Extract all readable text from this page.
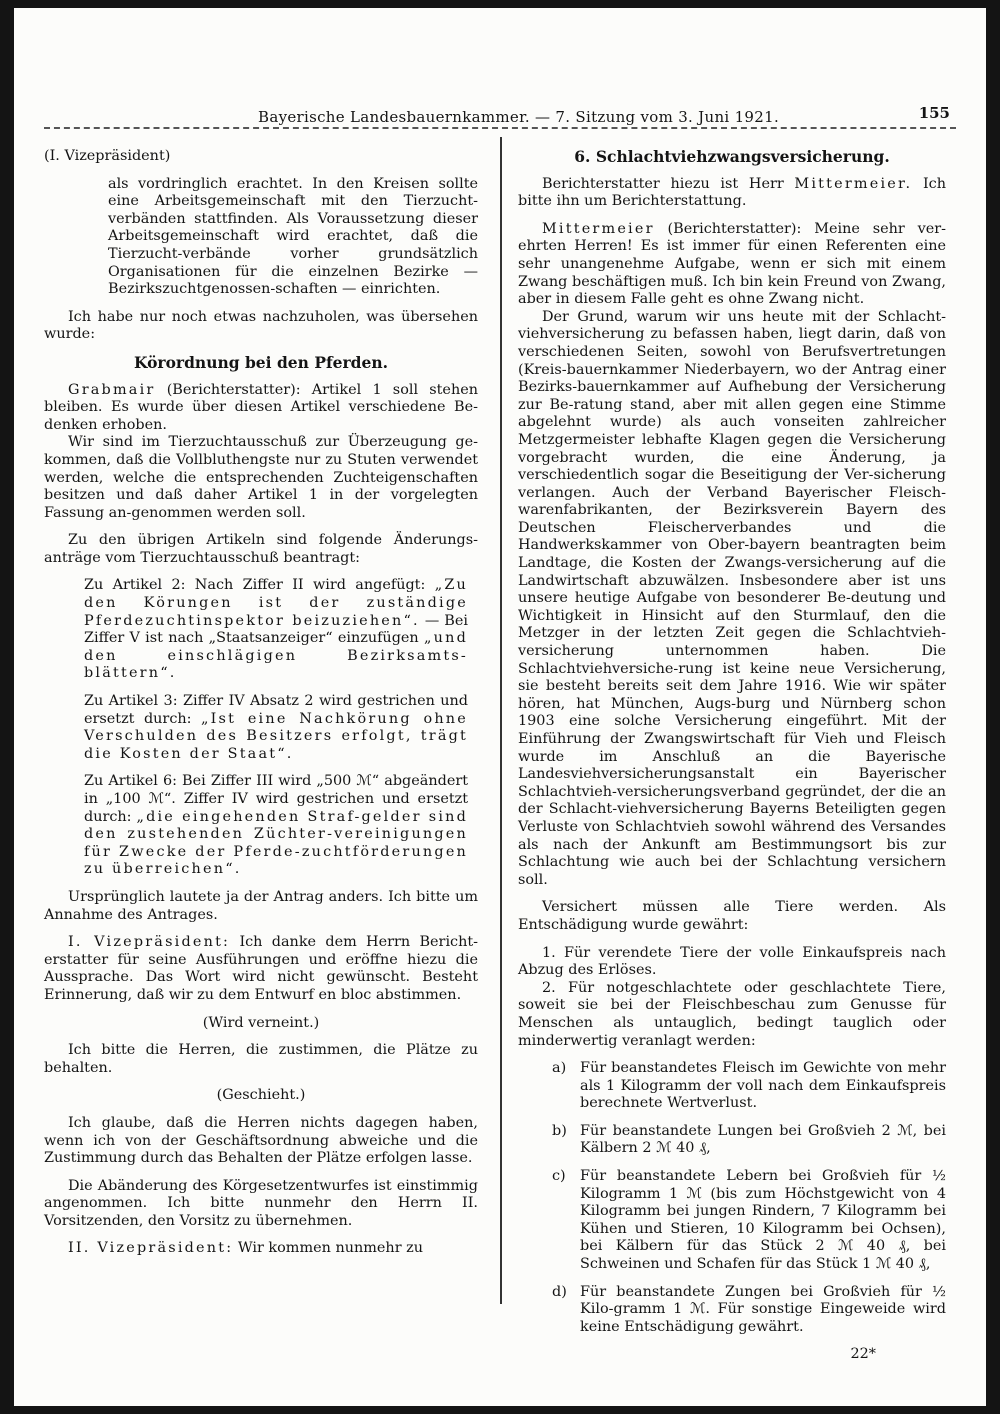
Bayerische Landesbauernkammer. — 7. Sitzung vom 3. Juni 1921.	155

(I. Vizepräsident)

als vordringlich erachtet. In den Kreisen sollte eine Arbeitsgemeinschaft mit den Tierzucht-verbänden stattfinden. Als Voraussetzung dieser Arbeitsgemeinschaft wird erachtet, daß die Tierzucht-verbände vorher grundsätzlich Organisationen für die einzelnen Bezirke — Bezirkszuchtgenossen-schaften — einrichten.

Ich habe nur noch etwas nachzuholen, was übersehen wurde:

Körordnung bei den Pferden.

Grabmair (Berichterstatter): Artikel 1 soll stehen bleiben. Es wurde über diesen Artikel verschiedene Be-denken erhoben.

Wir sind im Tierzuchtausschuß zur Überzeugung ge-kommen, daß die Vollbluthengste nur zu Stuten verwendet werden, welche die entsprechenden Zuchteigenschaften besitzen und daß daher Artikel 1 in der vorgelegten Fassung an-genommen werden soll.

Zu den übrigen Artikeln sind folgende Änderungs-anträge vom Tierzuchtausschuß beantragt:

Zu Artikel 2: Nach Ziffer II wird angefügt: „Zu den Körungen ist der zuständige Pferdezuchtinspektor beizuziehen“. — Bei Ziffer V ist nach „Staatsanzeiger“ einzufügen „und den einschlägigen Bezirksamts-blättern“.

Zu Artikel 3: Ziffer IV Absatz 2 wird gestrichen und ersetzt durch: „Ist eine Nachkörung ohne Verschulden des Besitzers erfolgt, trägt die Kosten der Staat“.

Zu Artikel 6: Bei Ziffer III wird „500 ℳ“ abgeändert in „100 ℳ“. Ziffer IV wird gestrichen und ersetzt durch: „die eingehenden Straf-gelder sind den zustehenden Züchter-vereinigungen für Zwecke der Pferde-zuchtförderungen zu überreichen“.

Ursprünglich lautete ja der Antrag anders. Ich bitte um Annahme des Antrages.

I. Vizepräsident: Ich danke dem Herrn Bericht-erstatter für seine Ausführungen und eröffne hiezu die Aussprache. Das Wort wird nicht gewünscht. Besteht Erinnerung, daß wir zu dem Entwurf en bloc abstimmen.

(Wird verneint.)

Ich bitte die Herren, die zustimmen, die Plätze zu behalten.

(Geschieht.)

Ich glaube, daß die Herren nichts dagegen haben, wenn ich von der Geschäftsordnung abweiche und die Zustimmung durch das Behalten der Plätze erfolgen lasse.

Die Abänderung des Körgesetzentwurfes ist einstimmig angenommen. Ich bitte nunmehr den Herrn II. Vorsitzenden, den Vorsitz zu übernehmen.

II. Vizepräsident: Wir kommen nunmehr zu

6. Schlachtviehzwangsversicherung.

Berichterstatter hiezu ist Herr Mittermeier. Ich bitte ihn um Berichterstattung.

Mittermeier (Berichterstatter): Meine sehr ver-ehrten Herren! Es ist immer für einen Referenten eine sehr unangenehme Aufgabe, wenn er sich mit einem Zwang beschäftigen muß. Ich bin kein Freund von Zwang, aber in diesem Falle geht es ohne Zwang nicht.

Der Grund, warum wir uns heute mit der Schlacht-viehversicherung zu befassen haben, liegt darin, daß von verschiedenen Seiten, sowohl von Berufsvertretungen (Kreis-bauernkammer Niederbayern, wo der Antrag einer Bezirks-bauernkammer auf Aufhebung der Versicherung zur Be-ratung stand, aber mit allen gegen eine Stimme abgelehnt wurde) als auch vonseiten zahlreicher Metzgermeister lebhafte Klagen gegen die Versicherung vorgebracht wurden, die eine Änderung, ja verschiedentlich sogar die Beseitigung der Ver-sicherung verlangen. Auch der Verband Bayerischer Fleisch-warenfabrikanten, der Bezirksverein Bayern des Deutschen Fleischerverbandes und die Handwerkskammer von Ober-bayern beantragten beim Landtage, die Kosten der Zwangs-versicherung auf die Landwirtschaft abzuwälzen. Insbesondere aber ist uns unsere heutige Aufgabe von besonderer Be-deutung und Wichtigkeit in Hinsicht auf den Sturmlauf, den die Metzger in der letzten Zeit gegen die Schlachtvieh-versicherung unternommen haben. Die Schlachtviehversiche-rung ist keine neue Versicherung, sie besteht bereits seit dem Jahre 1916. Wie wir später hören, hat München, Augs-burg und Nürnberg schon 1903 eine solche Versicherung eingeführt. Mit der Einführung der Zwangswirtschaft für Vieh und Fleisch wurde im Anschluß an die Bayerische Landesviehversicherungsanstalt ein Bayerischer Schlachtvieh-versicherungsverband gegründet, der die an der Schlacht-viehversicherung Bayerns Beteiligten gegen Verluste von Schlachtvieh sowohl während des Versandes als nach der Ankunft am Bestimmungsort bis zur Schlachtung wie auch bei der Schlachtung versichern soll.

Versichert müssen alle Tiere werden. Als Entschädigung wurde gewährt:

1. Für verendete Tiere der volle Einkaufspreis nach Abzug des Erlöses.

2. Für notgeschlachtete oder geschlachtete Tiere, soweit sie bei der Fleischbeschau zum Genusse für Menschen als untauglich, bedingt tauglich oder minderwertig veranlagt werden:

a) Für beanstandetes Fleisch im Gewichte von mehr als 1 Kilogramm der voll nach dem Einkaufspreis berechnete Wertverlust.

b) Für beanstandete Lungen bei Großvieh 2 ℳ, bei Kälbern 2 ℳ 40 ₰,

c) Für beanstandete Lebern bei Großvieh für ½ Kilogramm 1 ℳ (bis zum Höchstgewicht von 4 Kilogramm bei jungen Rindern, 7 Kilogramm bei Kühen und Stieren, 10 Kilogramm bei Ochsen), bei Kälbern für das Stück 2 ℳ 40 ₰, bei Schweinen und Schafen für das Stück 1 ℳ 40 ₰,

d) Für beanstandete Zungen bei Großvieh für ½ Kilo-gramm 1 ℳ. Für sonstige Eingeweide wird keine Entschädigung gewährt.

22*
